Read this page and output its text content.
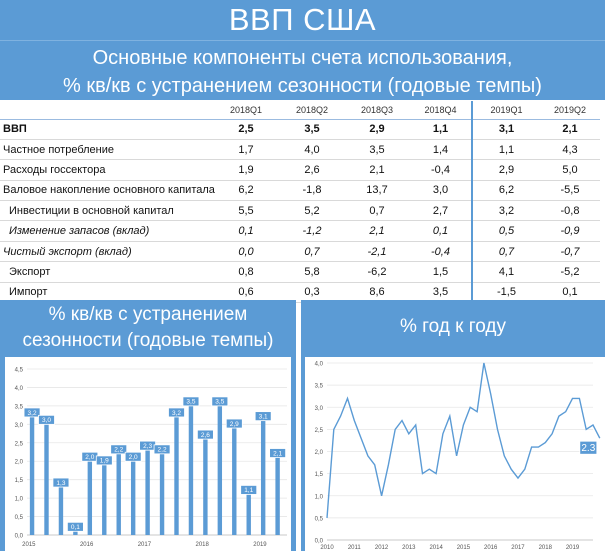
ВВП США
Основные компоненты счета использования,
% кв/кв с устранением сезонности (годовые темпы)
	2018Q1	2018Q2	2018Q3	2018Q4	2019Q1	2019Q2
ВВП	2,5	3,5	2,9	1,1	3,1	2,1
Частное потребление	1,7	4,0	3,5	1,4	1,1	4,3
Расходы госсектора	1,9	2,6	2,1	-0,4	2,9	5,0
Валовое накопление основного капитала	6,2	-1,8	13,7	3,0	6,2	-5,5
Инвестиции в основной капитал	5,5	5,2	0,7	2,7	3,2	-0,8
Изменение запасов (вклад)	0,1	-1,2	2,1	0,1	0,5	-0,9
Чистый экспорт (вклад)	0,0	0,7	-2,1	-0,4	0,7	-0,7
Экспорт	0,8	5,8	-6,2	1,5	4,1	-5,2
Импорт	0,6	0,3	8,6	3,5	-1,5	0,1
% кв/кв с устранением
сезонности (годовые темпы)
0,0
0,5
1,0
1,5
2,0
2,5
3,0
3,5
4,0
4,5
3,2
3,0
1,3
0,1
2,0
1,9
2,2
2,0
2,3
2,2
3,2
3,5
2,6
3,5
2,9
1,1
3,1
2,1
2015	2016	2017	2018	2019
% год к году
0,0
0,5
1,0
1,5
2,0
2,5
3,0
3,5
4,0
2010 2011 2012 2013 2014 2015 2016 2017 2018 2019
2.3
